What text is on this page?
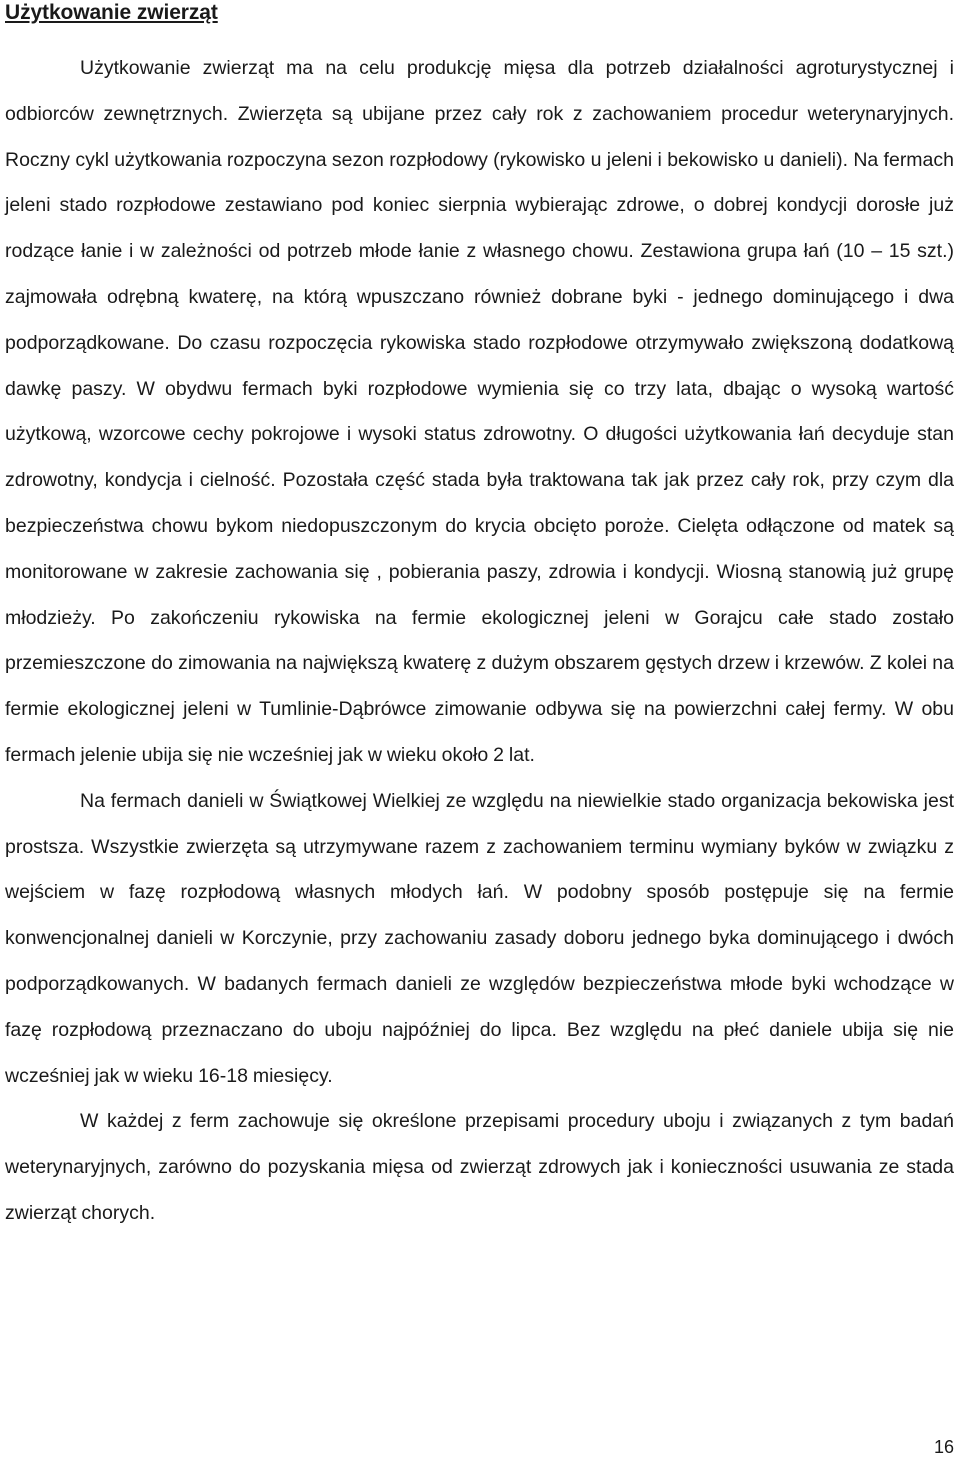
Użytkowanie zwierząt

Użytkowanie zwierząt ma na celu produkcję mięsa dla potrzeb działalności agroturystycznej i odbiorców zewnętrznych. Zwierzęta są ubijane przez cały rok z zachowaniem procedur weterynaryjnych. Roczny cykl użytkowania rozpoczyna sezon rozpłodowy (rykowisko u jeleni i bekowisko u danieli). Na fermach jeleni stado rozpłodowe zestawiano pod koniec sierpnia wybierając zdrowe, o dobrej kondycji dorosłe już rodzące łanie i w zależności od potrzeb młode łanie z własnego chowu. Zestawiona grupa łań (10 – 15 szt.) zajmowała odrębną kwaterę, na którą wpuszczano również dobrane byki - jednego dominującego i dwa podporządkowane. Do czasu rozpoczęcia rykowiska stado rozpłodowe otrzymywało zwiększoną dodatkową dawkę paszy. W obydwu fermach byki rozpłodowe wymienia się co trzy lata, dbając o wysoką wartość użytkową, wzorcowe cechy pokrojowe i wysoki status zdrowotny. O długości użytkowania łań decyduje stan zdrowotny, kondycja i cielność. Pozostała część stada była traktowana tak jak przez cały rok, przy czym dla bezpieczeństwa chowu bykom niedopuszczonym do krycia obcięto poroże. Cielęta odłączone od matek są monitorowane w zakresie zachowania się , pobierania paszy, zdrowia i kondycji. Wiosną stanowią już grupę młodzieży. Po zakończeniu rykowiska na fermie ekologicznej jeleni w Gorajcu całe stado zostało przemieszczone do zimowania na największą kwaterę z dużym obszarem gęstych drzew i krzewów. Z kolei na fermie ekologicznej jeleni w Tumlinie-Dąbrówce zimowanie odbywa się na powierzchni całej fermy. W obu fermach jelenie ubija się nie wcześniej jak w wieku około 2 lat.

Na fermach danieli w Świątkowej Wielkiej ze względu na niewielkie stado organizacja bekowiska jest prostsza. Wszystkie zwierzęta są utrzymywane razem z zachowaniem terminu wymiany byków w związku z wejściem w fazę rozpłodową własnych młodych łań. W podobny sposób postępuje się na fermie konwencjonalnej danieli w Korczynie, przy zachowaniu zasady doboru jednego byka dominującego i dwóch podporządkowanych. W badanych fermach danieli ze względów bezpieczeństwa młode byki wchodzące w fazę rozpłodową przeznaczano do uboju najpóźniej do lipca. Bez względu na płeć daniele ubija się nie wcześniej jak w wieku 16-18 miesięcy.

W każdej z ferm zachowuje się określone przepisami procedury uboju i związanych z tym badań weterynaryjnych, zarówno do pozyskania mięsa od zwierząt zdrowych jak i konieczności usuwania ze stada zwierząt chorych.

16
